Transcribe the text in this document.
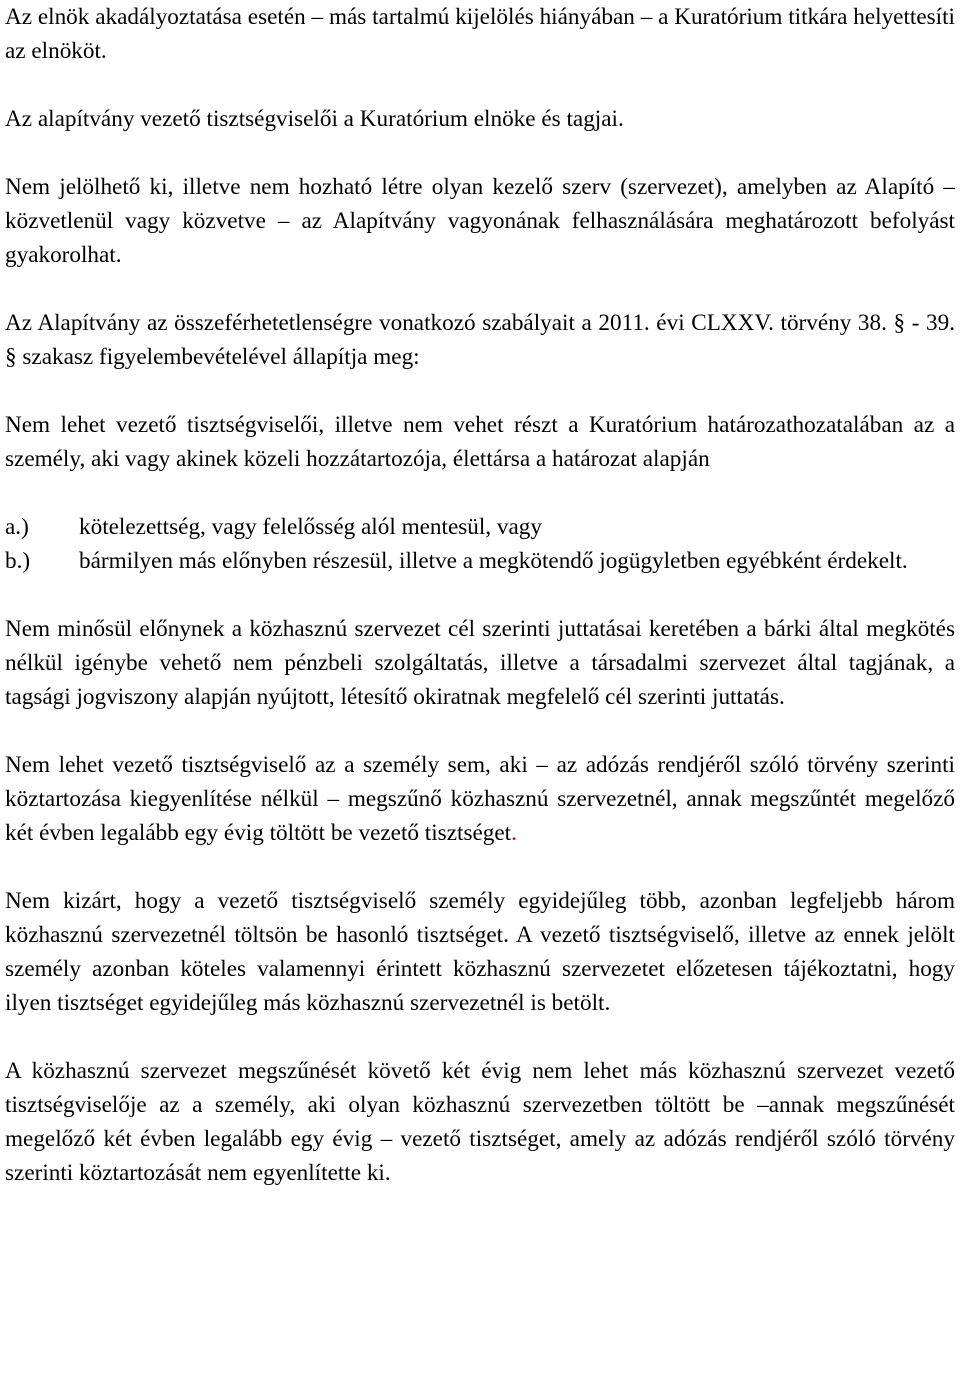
Az elnök akadályoztatása esetén – más tartalmú kijelölés hiányában – a Kuratórium titkára helyettesíti az elnököt.

Az alapítvány vezető tisztségviselői a Kuratórium elnöke és tagjai.

Nem jelölhető ki, illetve nem hozható létre olyan kezelő szerv (szervezet), amelyben az Alapító – közvetlenül vagy közvetve – az Alapítvány vagyonának felhasználására meghatározott befolyást gyakorolhat.

Az Alapítvány az összeférhetetlenségre vonatkozó szabályait a 2011. évi CLXXV. törvény 38. § - 39. § szakasz figyelembevételével állapítja meg:

Nem lehet vezető tisztségviselői, illetve nem vehet részt a Kuratórium határozathozatalában az a személy, aki vagy akinek közeli hozzátartozója, élettársa a határozat alapján

a.) kötelezettség, vagy felelősség alól mentesül, vagy

b.) bármilyen más előnyben részesül, illetve a megkötendő jogügyletben egyébként érdekelt.

Nem minősül előnynek a közhasznú szervezet cél szerinti juttatásai keretében a bárki által megkötés nélkül igénybe vehető nem pénzbeli szolgáltatás, illetve a társadalmi szervezet által tagjának, a tagsági jogviszony alapján nyújtott, létesítő okiratnak megfelelő cél szerinti juttatás.

Nem lehet vezető tisztségviselő az a személy sem, aki – az adózás rendjéről szóló törvény szerinti köztartozása kiegyenlítése nélkül – megszűnő közhasznú szervezetnél, annak megszűntét megelőző két évben legalább egy évig töltött be vezető tisztséget.

Nem kizárt, hogy a vezető tisztségviselő személy egyidejűleg több, azonban legfeljebb három közhasznú szervezetnél töltsön be hasonló tisztséget. A vezető tisztségviselő, illetve az ennek jelölt személy azonban köteles valamennyi érintett közhasznú szervezetet előzetesen tájékoztatni, hogy ilyen tisztséget egyidejűleg más közhasznú szervezetnél is betölt.

A közhasznú szervezet megszűnését követő két évig nem lehet más közhasznú szervezet vezető tisztségviselője az a személy, aki olyan közhasznú szervezetben töltött be –annak megszűnését megelőző két évben legalább egy évig – vezető tisztséget, amely az adózás rendjéről szóló törvény szerinti köztartozását nem egyenlítette ki.
